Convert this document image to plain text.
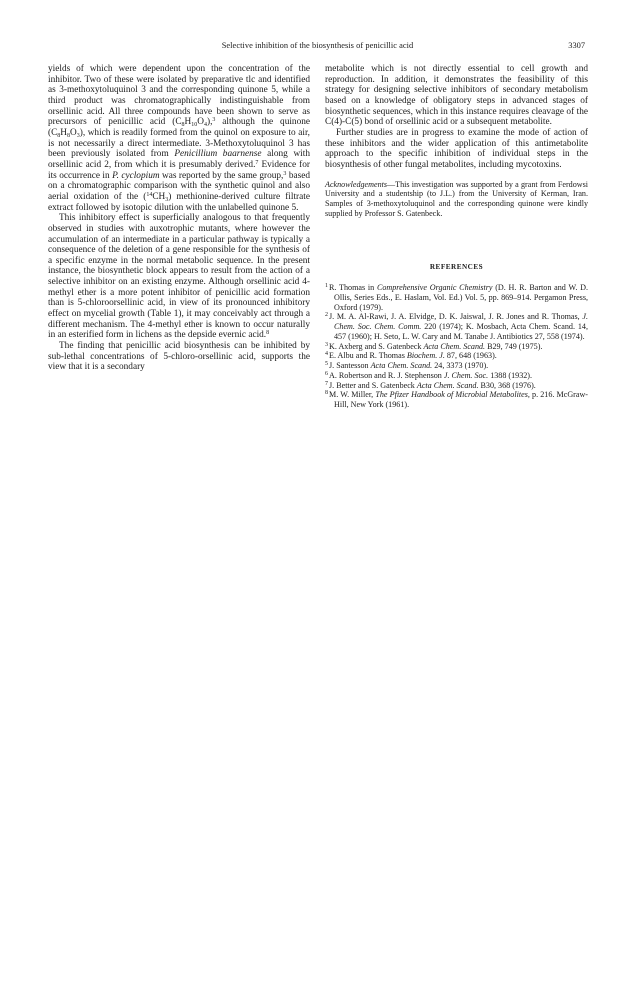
Selective inhibition of the biosynthesis of penicillic acid	3307

yields of which were dependent upon the concentration of the inhibitor. Two of these were isolated by preparative tlc and identified as 3-methoxytoluquinol 3 and the corresponding quinone 5, while a third product was chromatographically indistinguishable from orsellinic acid. All three compounds have been shown to serve as precursors of penicillic acid $(C_8H_{10}O_4),^3$ although the quinone $(C_8H_8O_3)$, which is readily formed from the quinol on exposure to air, is not necessarily a direct intermediate. 3-Methoxytoluquinol 3 has been previously isolated from Penicillium baarnense along with orsellinic acid 2, from which it is presumably derived.$^7$ Evidence for its occurrence in P. cyclopium was reported by the same group,$^3$ based on a chromatographic comparison with the synthetic quinol and also aerial oxidation of the $(^{14}CH_3)$ methionine-derived culture filtrate extract followed by isotopic dilution with the unlabelled quinone 5.

This inhibitory effect is superficially analogous to that frequently observed in studies with auxotrophic mutants, where however the accumulation of an intermediate in a particular pathway is typically a consequence of the deletion of a gene responsible for the synthesis of a specific enzyme in the normal metabolic sequence. In the present instance, the biosynthetic block appears to result from the action of a selective inhibitor on an existing enzyme. Although orsellinic acid 4-methyl ether is a more potent inhibitor of penicillic acid formation than is 5-chloroorsellinic acid, in view of its pronounced inhibitory effect on mycelial growth (Table 1), it may conceivably act through a different mechanism. The 4-methyl ether is known to occur naturally in an esterified form in lichens as the depside evernic acid.$^8$

The finding that penicillic acid biosynthesis can be inhibited by sub-lethal concentrations of 5-chloro-orsellinic acid, supports the view that it is a secondary

metabolite which is not directly essential to cell growth and reproduction. In addition, it demonstrates the feasibility of this strategy for designing selective inhibitors of secondary metabolism based on a knowledge of obligatory steps in advanced stages of biosynthetic sequences, which in this instance requires cleavage of the C(4)-C(5) bond of orsellinic acid or a subsequent metabolite.

Further studies are in progress to examine the mode of action of these inhibitors and the wider application of this antimetabolite approach to the specific inhibition of individual steps in the biosynthesis of other fungal metabolites, including mycotoxins.

Acknowledgements—This investigation was supported by a grant from Ferdowsi University and a studentship (to J.L.) from the University of Kerman, Iran. Samples of 3-methoxytoluquinol and the corresponding quinone were kindly supplied by Professor S. Gatenbeck.

REFERENCES

$^1$R. Thomas in Comprehensive Organic Chemistry (D. H. R. Barton and W. D. Ollis, Series Eds., E. Haslam, Vol. Ed.) Vol. 5, pp. 869–914. Pergamon Press, Oxford (1979).

$^2$J. M. A. Al-Rawi, J. A. Elvidge, D. K. Jaiswal, J. R. Jones and R. Thomas, J. Chem. Soc. Chem. Comm. 220 (1974); K. Mosbach, Acta Chem. Scand. 14, 457 (1960); H. Seto, L. W. Cary and M. Tanabe J. Antibiotics 27, 558 (1974).

$^3$K. Axberg and S. Gatenbeck Acta Chem. Scand. B29, 749 (1975).

$^4$E. Albu and R. Thomas Biochem. J. 87, 648 (1963).

$^5$J. Santesson Acta Chem. Scand. 24, 3373 (1970).

$^6$A. Robertson and R. J. Stephenson J. Chem. Soc. 1388 (1932).

$^7$J. Better and S. Gatenbeck Acta Chem. Scand. B30, 368 (1976).

$^8$M. W. Miller, The Pfizer Handbook of Microbial Metabolites, p. 216. McGraw-Hill, New York (1961).
